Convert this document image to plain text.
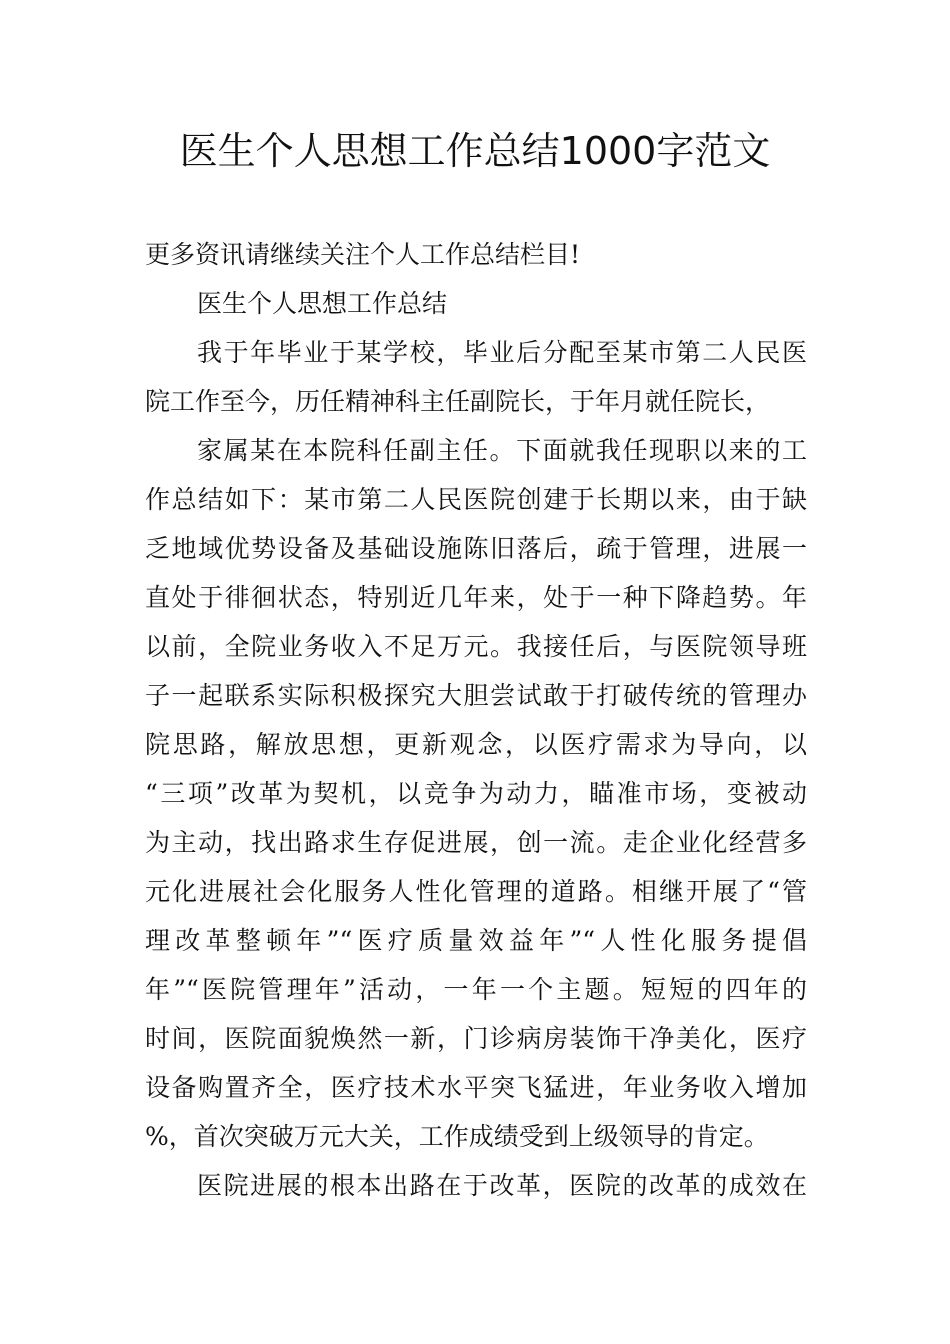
医生个人思想工作总结1000字范文
更多资讯请继续关注个人工作总结栏目!
医生个人思想工作总结
我于年毕业于某学校，毕业后分配至某市第二人民医
院工作至今，历任精神科主任副院长，于年月就任院长，
家属某在本院科任副主任。下面就我任现职以来的工
作总结如下：某市第二人民医院创建于长期以来，由于缺
乏地域优势设备及基础设施陈旧落后，疏于管理，进展一
直处于徘徊状态，特别近几年来，处于一种下降趋势。年
以前，全院业务收入不足万元。我接任后，与医院领导班
子一起联系实际积极探究大胆尝试敢于打破传统的管理办
院思路，解放思想，更新观念，以医疗需求为导向，以
“三项”改革为契机，以竞争为动力，瞄准市场，变被动
为主动，找出路求生存促进展，创一流。走企业化经营多
元化进展社会化服务人性化管理的道路。相继开展了“管
理改革整顿年”“医疗质量效益年”“人性化服务提倡
年”“医院管理年”活动，一年一个主题。短短的四年的
时间，医院面貌焕然一新，门诊病房装饰干净美化，医疗
设备购置齐全，医疗技术水平突飞猛进，年业务收入增加
%，首次突破万元大关，工作成绩受到上级领导的肯定。
医院进展的根本出路在于改革，医院的改革的成效在
